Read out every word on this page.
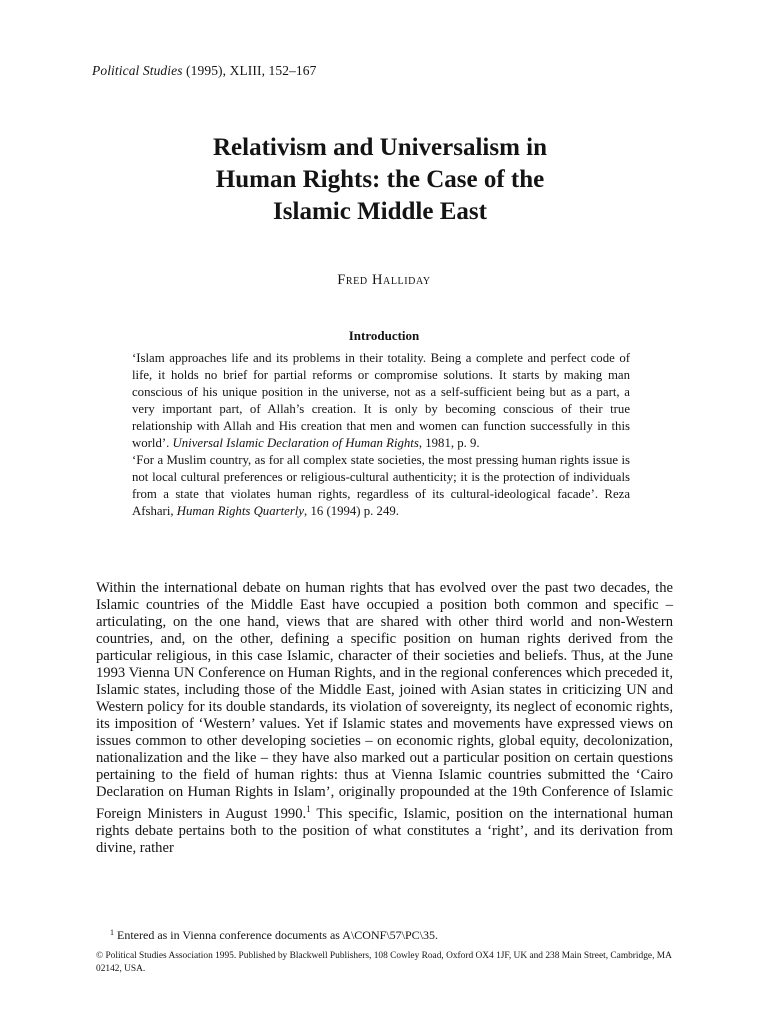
Political Studies (1995), XLIII, 152–167
Relativism and Universalism in
Human Rights: the Case of the
Islamic Middle East
Fred Halliday
Introduction

‘Islam approaches life and its problems in their totality. Being a complete and perfect code of life, it holds no brief for partial reforms or compromise solutions. It starts by making man conscious of his unique position in the universe, not as a self-sufficient being but as a part, a very important part, of Allah’s creation. It is only by becoming conscious of their true relationship with Allah and His creation that men and women can function successfully in this world’. Universal Islamic Declaration of Human Rights, 1981, p. 9.

‘For a Muslim country, as for all complex state societies, the most pressing human rights issue is not local cultural preferences or religious-cultural authenticity; it is the protection of individuals from a state that violates human rights, regardless of its cultural-ideological facade’. Reza Afshari, Human Rights Quarterly, 16 (1994) p. 249.

Within the international debate on human rights that has evolved over the past two decades, the Islamic countries of the Middle East have occupied a position both common and specific – articulating, on the one hand, views that are shared with other third world and non-Western countries, and, on the other, defining a specific position on human rights derived from the particular religious, in this case Islamic, character of their societies and beliefs. Thus, at the June 1993 Vienna UN Conference on Human Rights, and in the regional conferences which preceded it, Islamic states, including those of the Middle East, joined with Asian states in criticizing UN and Western policy for its double standards, its violation of sovereignty, its neglect of economic rights, its imposition of ‘Western’ values. Yet if Islamic states and movements have expressed views on issues common to other developing societies – on economic rights, global equity, decolonization, nationalization and the like – they have also marked out a particular position on certain questions pertaining to the field of human rights: thus at Vienna Islamic countries submitted the ‘Cairo Declaration on Human Rights in Islam’, originally propounded at the 19th Conference of Islamic Foreign Ministers in August 1990.$^1$ This specific, Islamic, position on the international human rights debate pertains both to the position of what constitutes a ‘right’, and its derivation from divine, rather

$^1$ Entered as in Vienna conference documents as A\CONF\57\PC\35.
© Political Studies Association 1995. Published by Blackwell Publishers, 108 Cowley Road, Oxford OX4 1JF, UK and 238 Main Street, Cambridge, MA 02142, USA.
